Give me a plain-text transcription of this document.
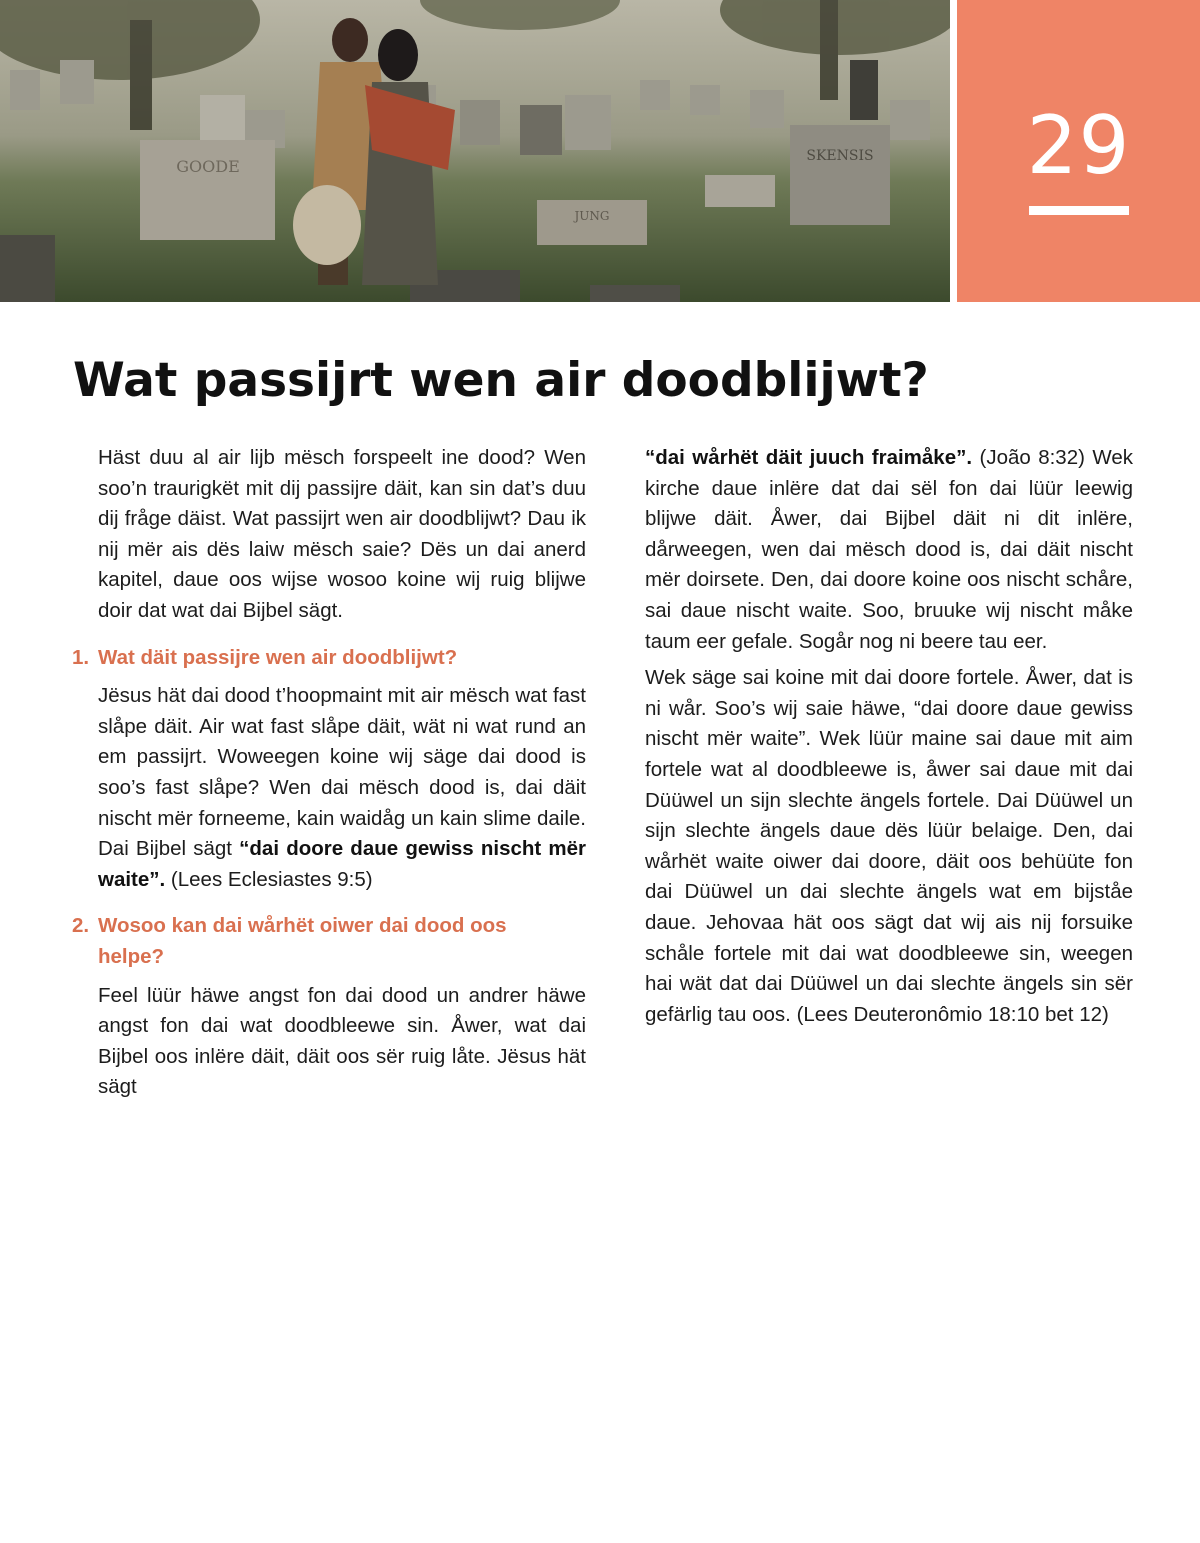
GOODE
JUNG
SKENSIS	29
Wat passijrt wen air doodblijwt?

Häst duu al air lijb mësch forspeelt ine dood? Wen soo’n traurigkët mit dij passijre däit, kan sin dat’s duu dij fråge däist. Wat passijrt wen air doodblijwt? Dau ik nij mër ais dës laiw mësch saie? Dës un dai anerd kapitel, daue oos wijse wosoo koine wij ruig blijwe doir dat wat dai Bijbel sägt.

1. Wat däit passijre wen air doodblijwt?

Jësus hät dai dood t’hoopmaint mit air mësch wat fast slåpe däit. Air wat fast slåpe däit, wät ni wat rund an em passijrt. Woweegen koine wij säge dai dood is soo’s fast slåpe? Wen dai mësch dood is, dai däit nischt mër forneeme, kain waidåg un kain slime daile. Dai Bijbel sägt “dai doore daue gewiss nischt mër waite”. (Lees Eclesiastes 9:5)

2. Wosoo kan dai wårhët oiwer dai dood oos helpe?

Feel lüür häwe angst fon dai dood un andrer häwe angst fon dai wat doodbleewe sin. Åwer, wat dai Bijbel oos inlëre däit, däit oos sër ruig låte. Jësus hät sägt

“dai wårhët däit juuch fraimåke”. (João 8:32) Wek kirche daue inlëre dat dai sël fon dai lüür leewig blijwe däit. Åwer, dai Bijbel däit ni dit inlëre, dårweegen, wen dai mësch dood is, dai däit nischt mër doirsete. Den, dai doore koine oos nischt schåre, sai daue nischt waite. Soo, bruuke wij nischt måke taum eer gefale. Sogår nog ni beere tau eer.

Wek säge sai koine mit dai doore fortele. Åwer, dat is ni wår. Soo’s wij saie häwe, “dai doore daue gewiss nischt mër waite”. Wek lüür maine sai daue mit aim fortele wat al doodbleewe is, åwer sai daue mit dai Düüwel un sijn slechte ängels fortele. Dai Düüwel un sijn slechte ängels daue dës lüür belaige. Den, dai wårhët waite oiwer dai doore, däit oos behüüte fon dai Düüwel un dai slechte ängels wat em bijståe daue. Jehovaa hät oos sägt dat wij ais nij forsuike schåle fortele mit dai wat doodbleewe sin, weegen hai wät dat dai Düüwel un dai slechte ängels sin sër gefärlig tau oos. (Lees Deuteronômio 18:10 bet 12)
